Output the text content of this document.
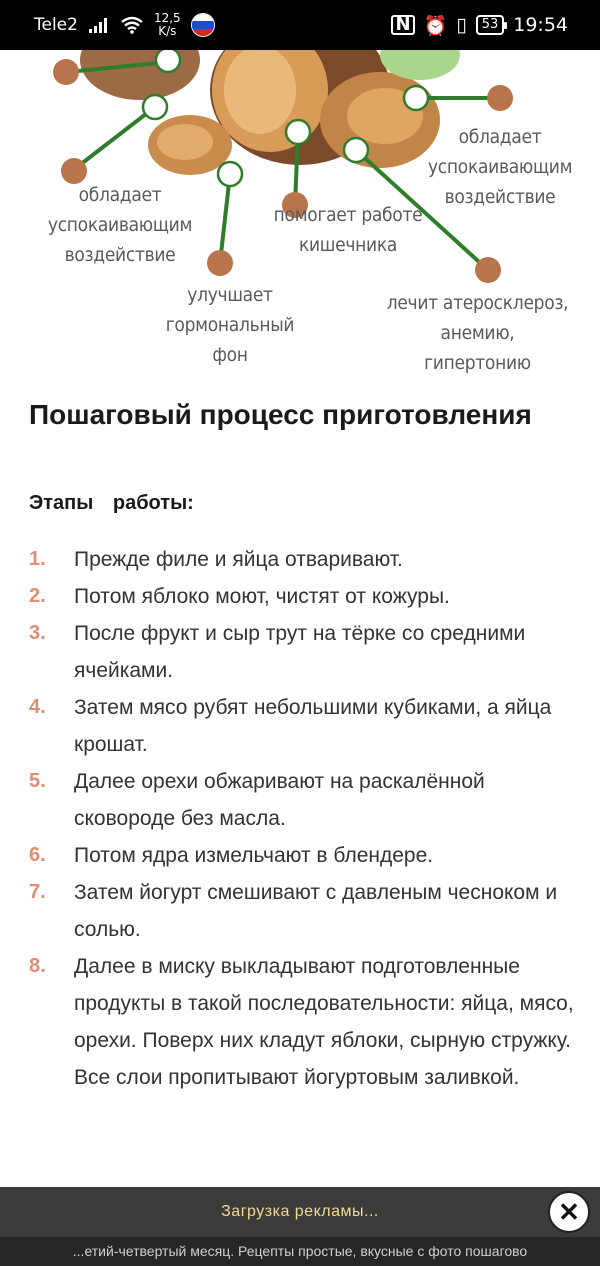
Tele2	12,5
K/s	N ⏰ ▯	53 19:54
обладает успокаивающим воздействие
улучшает гормональный фон
помогает работе кишечника
обладает успокаивающим воздействие
лечит атеросклероз, анемию, гипертонию
Пошаговый процесс приготовления
Этапы работы:
1. Прежде филе и яйца отваривают.
2. Потом яблоко моют, чистят от кожуры.
3. После фрукт и сыр трут на тёрке со средними ячейками.
4. Затем мясо рубят небольшими кубиками, а яйца крошат.
5. Далее орехи обжаривают на раскалённой сковороде без масла.
6. Потом ядра измельчают в блендере.
7. Затем йогурт смешивают с давленым чесноком и солью.
8. Далее в миску выкладывают подготовленные продукты в такой последовательности: яйца, мясо, орехи. Поверх них кладут яблоки, сырную стружку. Все слои пропитывают йогуртовым заливкой.
Загрузка рекламы...	✕
...етий-четвертый месяц. Рецепты простые, вкусные с фото пошагово
